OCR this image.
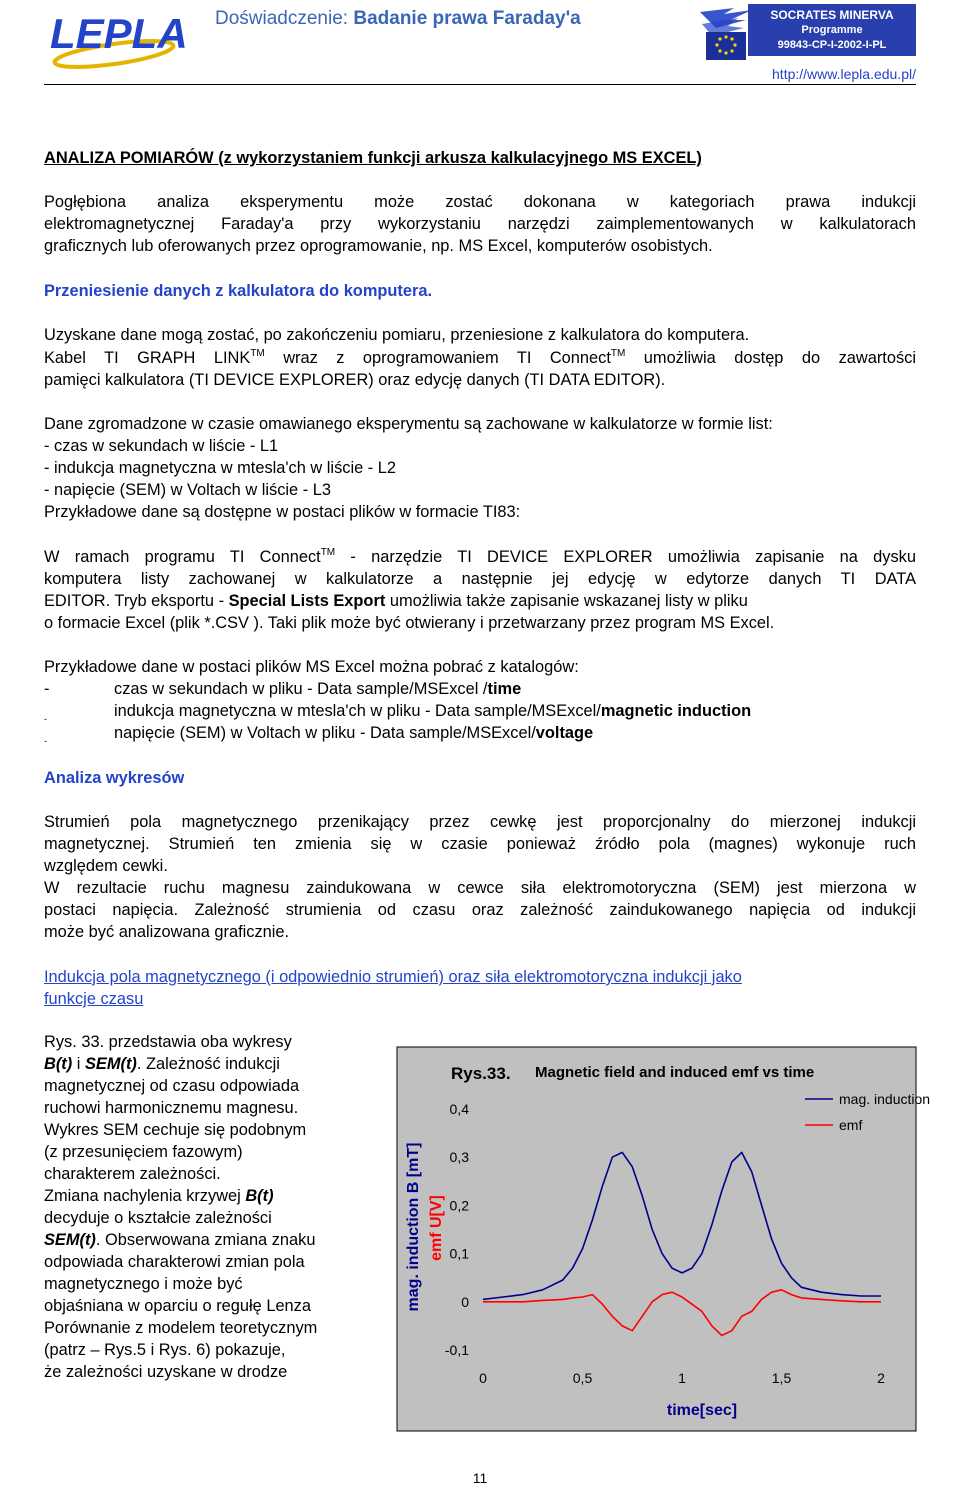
LEPLA Doświadczenie: Badanie prawa Faraday'a	SOCRATES MINERVA
Programme
99843-CP-I-2002-I-PL
http://www.lepla.edu.pl/
ANALIZA POMIARÓW (z wykorzystaniem funkcji arkusza kalkulacyjnego MS EXCEL)
Pogłębiona analiza eksperymentu może zostać dokonana w kategoriach prawa indukcji
elektromagnetycznej Faraday'a przy wykorzystaniu narzędzi zaimplementowanych w kalkulatorach
graficznych lub oferowanych przez oprogramowanie, np. MS Excel, komputerów osobistych.
Przeniesienie danych z kalkulatora do komputera.
Uzyskane dane mogą zostać, po zakończeniu pomiaru, przeniesione z kalkulatora do komputera.
Kabel TI GRAPH LINK™ wraz z oprogramowaniem TI Connect™ umożliwia dostęp do zawartości
pamięci kalkulatora (TI DEVICE EXPLORER) oraz edycję danych (TI DATA EDITOR).
Dane zgromadzone w czasie omawianego eksperymentu są zachowane w kalkulatorze w formie list:
- czas w sekundach w liście - L1
- indukcja magnetyczna w mtesla'ch w liście - L2
- napięcie (SEM) w Voltach w liście - L3
Przykładowe dane są dostępne w postaci plików w formacie TI83:
W ramach programu TI Connect™ - narzędzie TI DEVICE EXPLORER umożliwia zapisanie na dysku
komputera listy zachowanej w kalkulatorze a następnie jej edycję w edytorze danych TI DATA
EDITOR. Tryb eksportu - Special Lists Export umożliwia także zapisanie wskazanej listy w pliku
o formacie Excel (plik *.CSV ). Taki plik może być otwierany i przetwarzany przez program MS Excel.
Przykładowe dane w postaci plików MS Excel można pobrać z katalogów:
-	czas w sekundach w pliku - Data sample/MSExcel /time
-	indukcja magnetyczna w mtesla'ch w pliku - Data sample/MSExcel/magnetic induction
-	napięcie (SEM) w Voltach w pliku - Data sample/MSExcel/voltage
Analiza wykresów
Strumień pola magnetycznego przenikający przez cewkę jest proporcjonalny do mierzonej indukcji
magnetycznej. Strumień ten zmienia się w czasie ponieważ źródło pola (magnes) wykonuje ruch
względem cewki.
W rezultacie ruchu magnesu zaindukowana w cewce siła elektromotoryczna (SEM) jest mierzona w
postaci napięcia. Zależność strumienia od czasu oraz zależność zaindukowanego napięcia od indukcji
może być analizowana graficznie.
Indukcja pola magnetycznego (i odpowiednio strumień) oraz siła elektromotoryczna indukcji jako
funkcje czasu
Rys. 33. przedstawia oba wykresy
B(t) i SEM(t). Zależność indukcji
magnetycznej od czasu odpowiada
ruchowi harmonicznemu magnesu.
Wykres SEM cechuje się podobnym
(z przesunięciem fazowym)
charakterem zależności.
Zmiana nachylenia krzywej B(t)
decyduje o kształcie zależności
SEM(t). Obserwowana zmiana znaku
odpowiada charakterowi zmian pola
magnetycznego i może być
objaśniana w oparciu o regułę Lenza
Porównanie z modelem teoretycznym
(patrz – Rys.5 i Rys. 6) pokazuje,
że zależności uzyskane w drodze
Rys.33. Magnetic field and induced emf vs time
-0,1
0
0,1
0,2
0,3
0,4
0	0,5	1	1,5	2
time[sec]
mag. induction B [mT] emf U[V]
mag. induction
emf
11
